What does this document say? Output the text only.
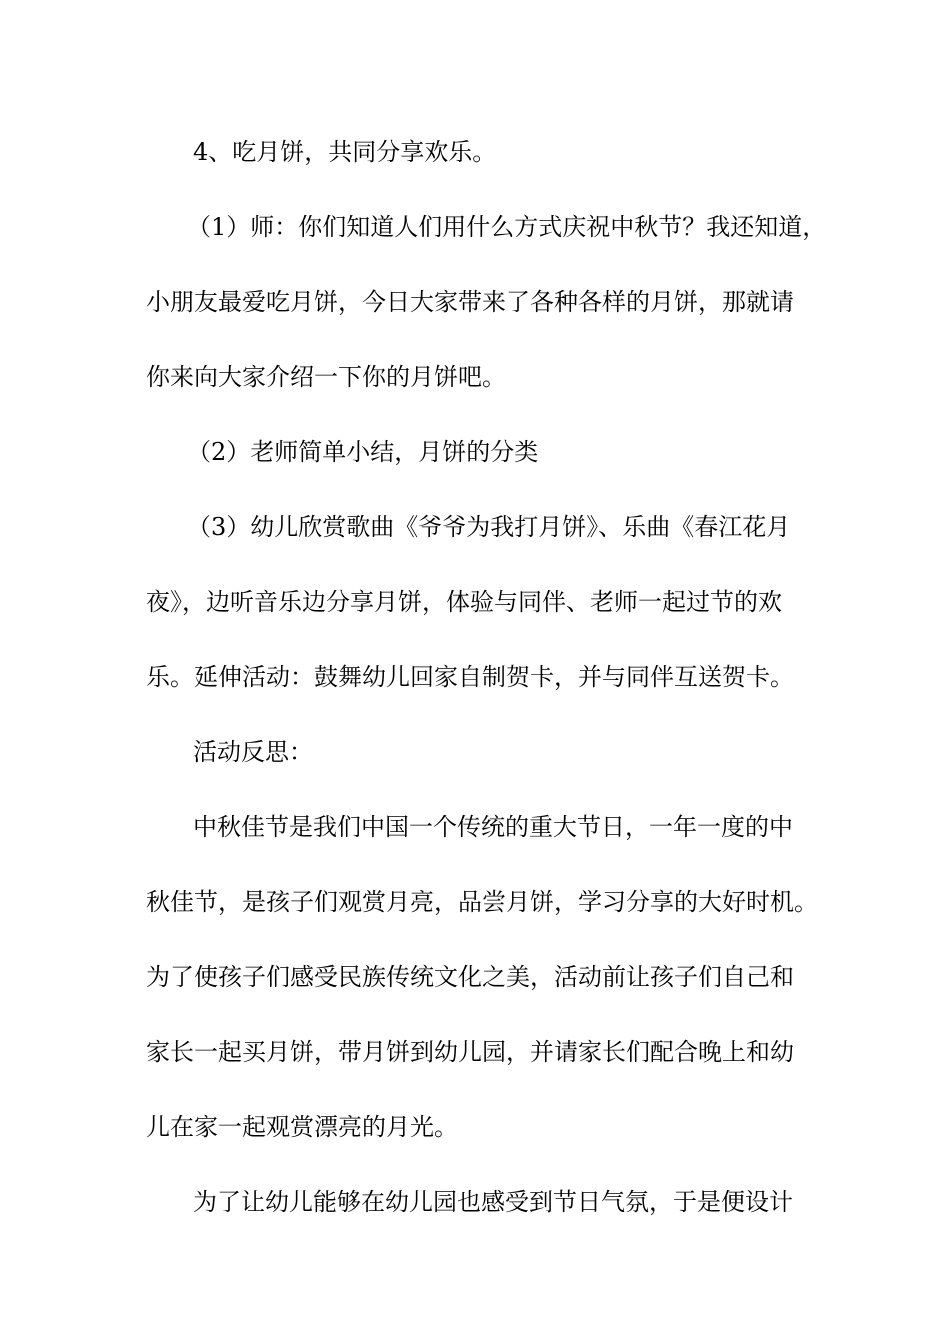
4、吃月饼，共同分享欢乐。
（1）师：你们知道人们用什么方式庆祝中秋节？我还知道，
小朋友最爱吃月饼，今日大家带来了各种各样的月饼，那就请
你来向大家介绍一下你的月饼吧。
（2）老师简单小结，月饼的分类
（3）幼儿欣赏歌曲《爷爷为我打月饼》、乐曲《春江花月
夜》，边听音乐边分享月饼，体验与同伴、老师一起过节的欢
乐。延伸活动：鼓舞幼儿回家自制贺卡，并与同伴互送贺卡。
活动反思：
中秋佳节是我们中国一个传统的重大节日，一年一度的中
秋佳节，是孩子们观赏月亮，品尝月饼，学习分享的大好时机。
为了使孩子们感受民族传统文化之美，活动前让孩子们自己和
家长一起买月饼，带月饼到幼儿园，并请家长们配合晚上和幼
儿在家一起观赏漂亮的月光。
为了让幼儿能够在幼儿园也感受到节日气氛，于是便设计
